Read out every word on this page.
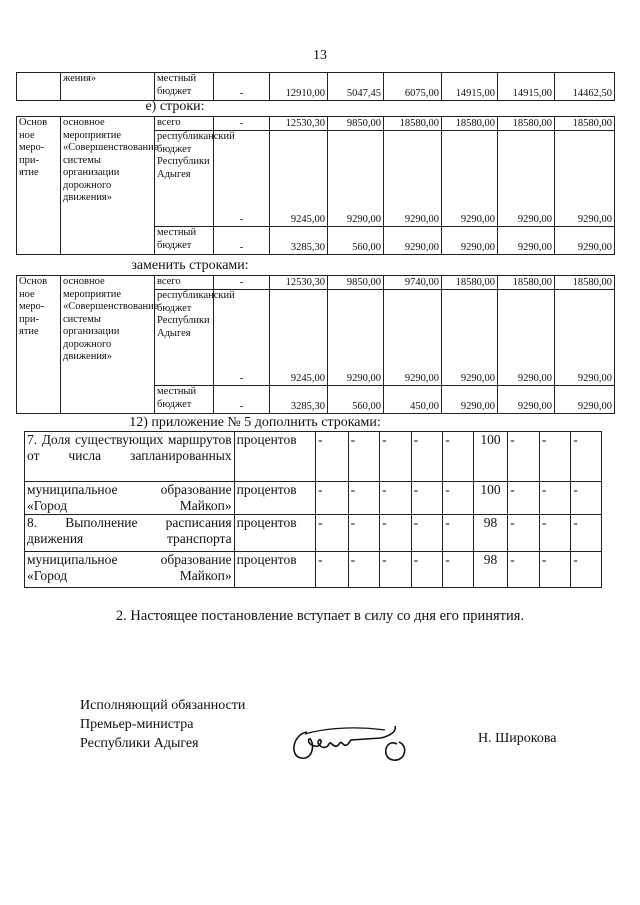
13
	жения»	местный бюджет	-	12910,00	5047,45	6075,00	14915,00	14915,00	14462,50
е) строки:
Основ ное меро- при- ятие	основное мероприятие «Совершенствование системы организации дорожного движения»	всего	-	12530,30	9850,00	18580,00	18580,00	18580,00	18580,00
		республиканский бюджет Республики Адыгея	-	9245,00	9290,00	9290,00	9290,00	9290,00	9290,00
		местный бюджет	-	3285,30	560,00	9290,00	9290,00	9290,00	9290,00
заменить строками:
Основ ное меро- при- ятие	основное мероприятие «Совершенствование системы организации дорожного движения»	всего	-	12530,30	9850,00	9740,00	18580,00	18580,00	18580,00
		республиканский бюджет Республики Адыгея	-	9245,00	9290,00	9290,00	9290,00	9290,00	9290,00
		местный бюджет	-	3285,30	560,00	450,00	9290,00	9290,00	9290,00
12) приложение № 5 дополнить строками:
7. Доля существующих маршрутов от числа запланированных	процентов	-	-	-	-	-	100	-	-	-
муниципальное образование «Город Майкоп»	процентов	-	-	-	-	-	100	-	-	-
8. Выполнение расписания движения транспорта	процентов	-	-	-	-	-	98	-	-	-
муниципальное образование «Город Майкоп»	процентов	-	-	-	-	-	98	-	-	-
2. Настоящее постановление вступает в силу со дня его принятия.
Исполняющий обязанности
Премьер-министра
Республики Адыгея	Н. Широкова
